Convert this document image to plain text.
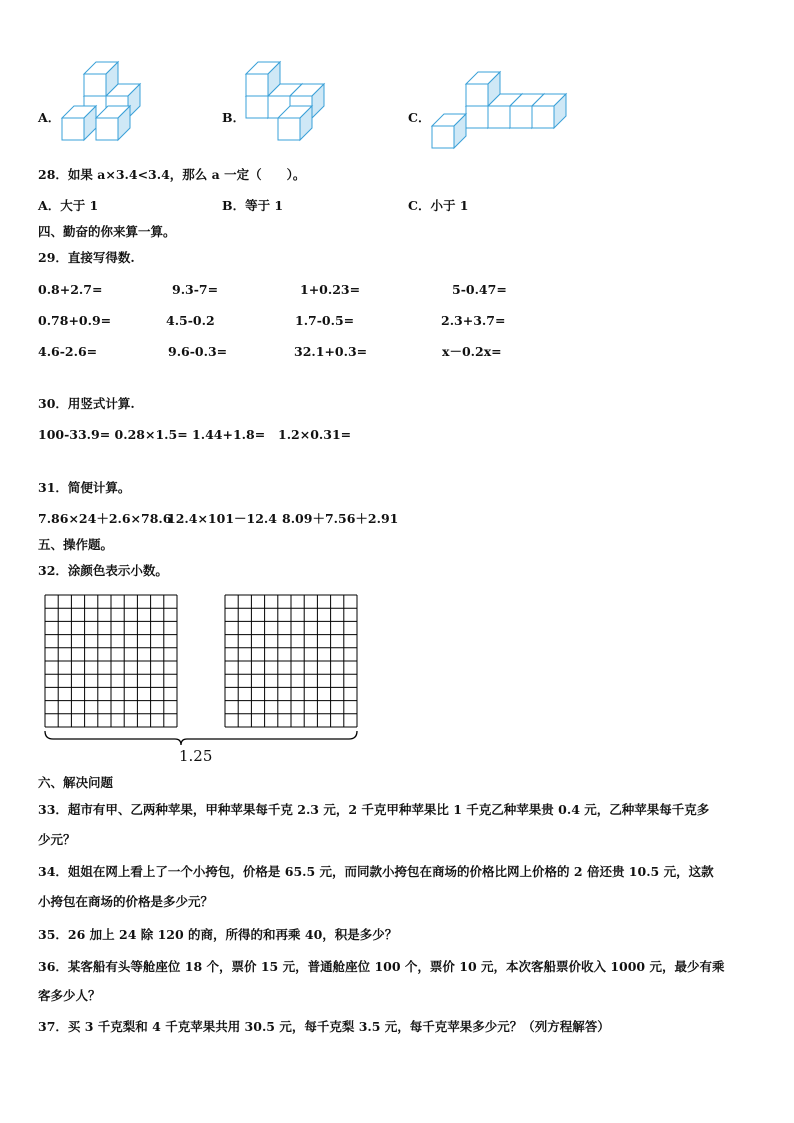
A．	B．	C．
28．如果 a×3.4<3.4，那么 a 一定（　　）。
A．大于 1	B．等于 1	C．小于 1
四、勤奋的你来算一算。
29．直接写得数.
0.8+2.7=	9.3-7=	1+0.23=	5-0.47=
0.78+0.9=	4.5-0.2	1.7-0.5=	2.3+3.7=
4.6-2.6=	9.6-0.3=	32.1+0.3=	x－0.2x=
30．用竖式计算.
100-33.9= 0.28×1.5= 1.44+1.8= 1.2×0.31=
31．简便计算。
7.86×24＋2.6×78.6
12.4×101－12.4 8.09＋7.56＋2.91
五、操作题。
32．涂颜色表示小数。
1.25
六、解决问题
33．超市有甲、乙两种苹果，甲种苹果每千克 2.3 元，2 千克甲种苹果比 1 千克乙种苹果贵 0.4 元，乙种苹果每千克多
少元？
34．姐姐在网上看上了一个小挎包，价格是 65.5 元，而同款小挎包在商场的价格比网上价格的 2 倍还贵 10.5 元，这款
小挎包在商场的价格是多少元？
35．26 加上 24 除 120 的商，所得的和再乘 40，积是多少？
36．某客船有头等舱座位 18 个，票价 15 元，普通舱座位 100 个，票价 10 元，本次客船票价收入 1000 元，最少有乘
客多少人？
37．买 3 千克梨和 4 千克苹果共用 30.5 元，每千克梨 3.5 元，每千克苹果多少元？（列方程解答）
